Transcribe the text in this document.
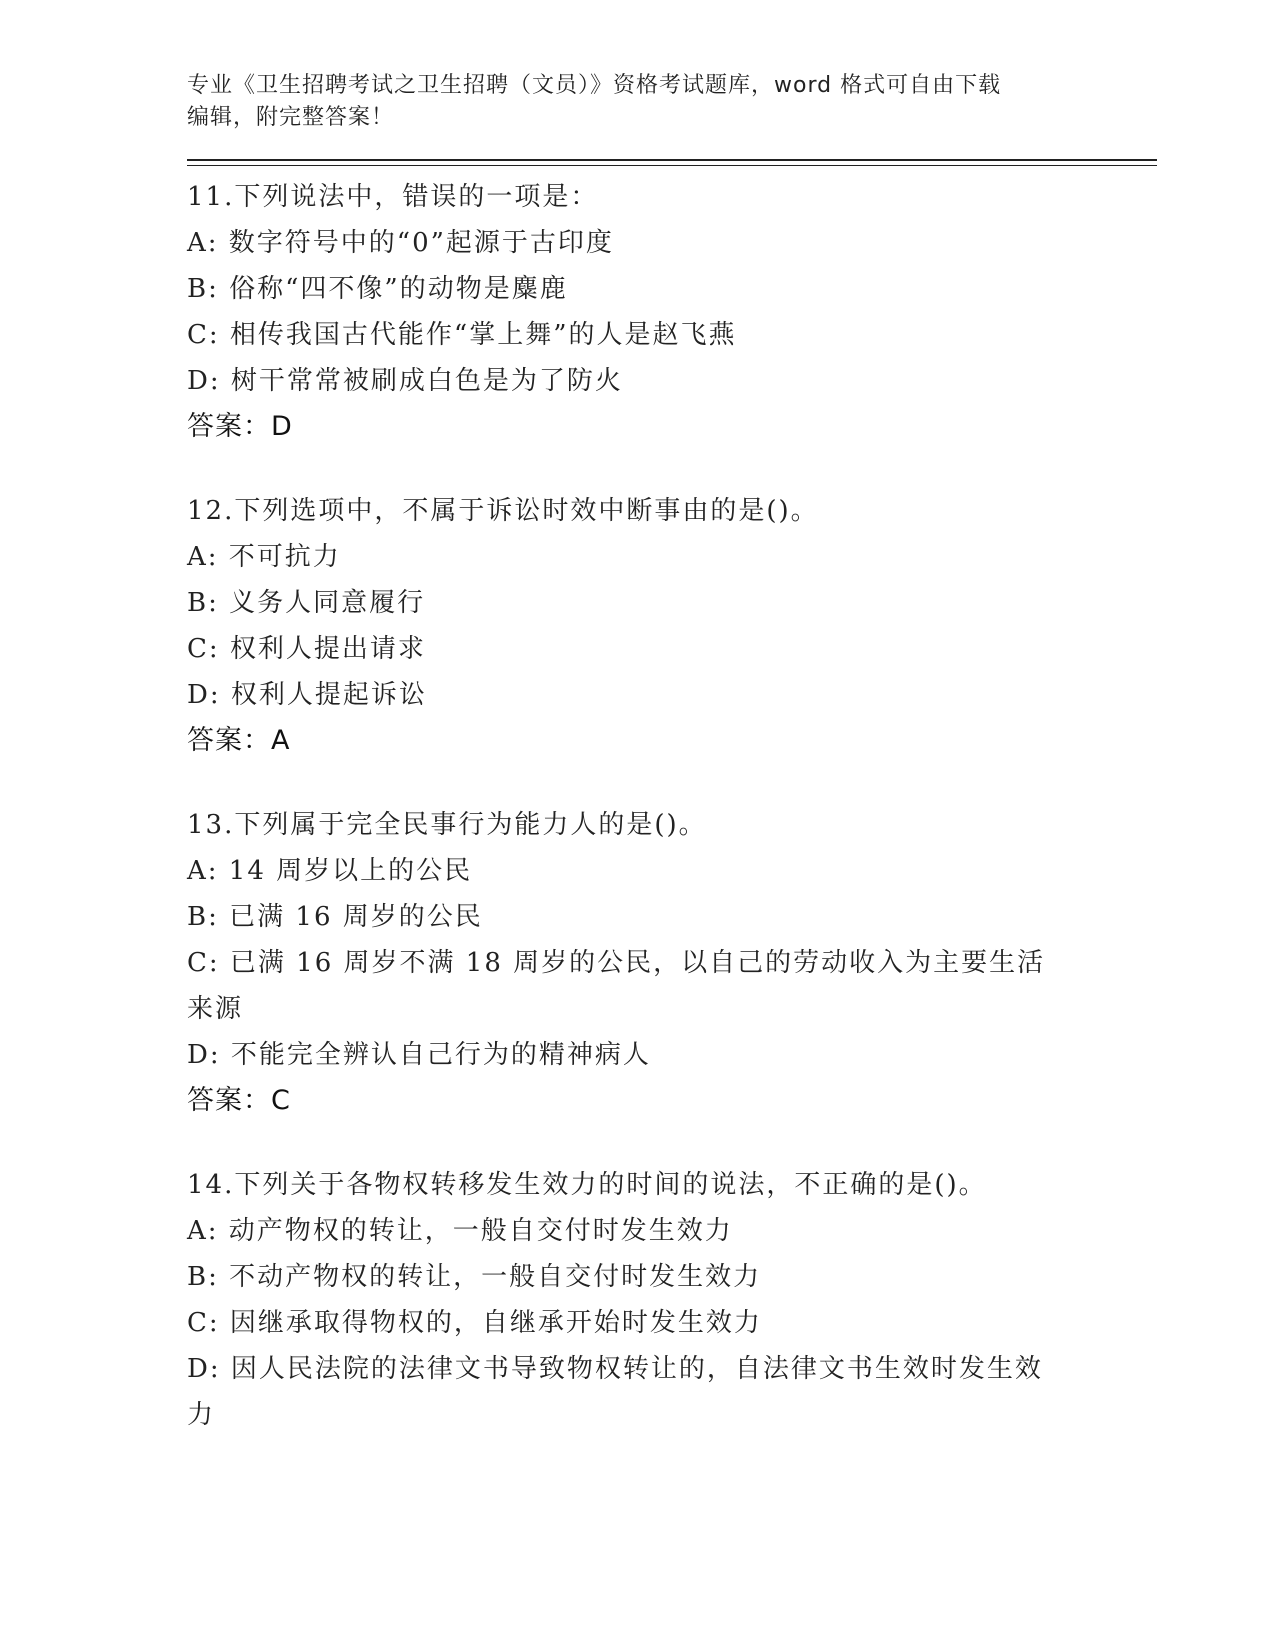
专业《卫生招聘考试之卫生招聘（文员）》资格考试题库，word 格式可自由下载
编辑，附完整答案！
11.下列说法中，错误的一项是：
A: 数字符号中的“0”起源于古印度
B: 俗称“四不像”的动物是麋鹿
C: 相传我国古代能作“掌上舞”的人是赵飞燕
D: 树干常常被刷成白色是为了防火
答案：D
12.下列选项中，不属于诉讼时效中断事由的是()。
A: 不可抗力
B: 义务人同意履行
C: 权利人提出请求
D: 权利人提起诉讼
答案：A
13.下列属于完全民事行为能力人的是()。
A: 14 周岁以上的公民
B: 已满 16 周岁的公民
C: 已满 16 周岁不满 18 周岁的公民，以自己的劳动收入为主要生活来源
D: 不能完全辨认自己行为的精神病人
答案：C
14.下列关于各物权转移发生效力的时间的说法，不正确的是()。
A: 动产物权的转让，一般自交付时发生效力
B: 不动产物权的转让，一般自交付时发生效力
C: 因继承取得物权的，自继承开始时发生效力
D: 因人民法院的法律文书导致物权转让的，自法律文书生效时发生效力
